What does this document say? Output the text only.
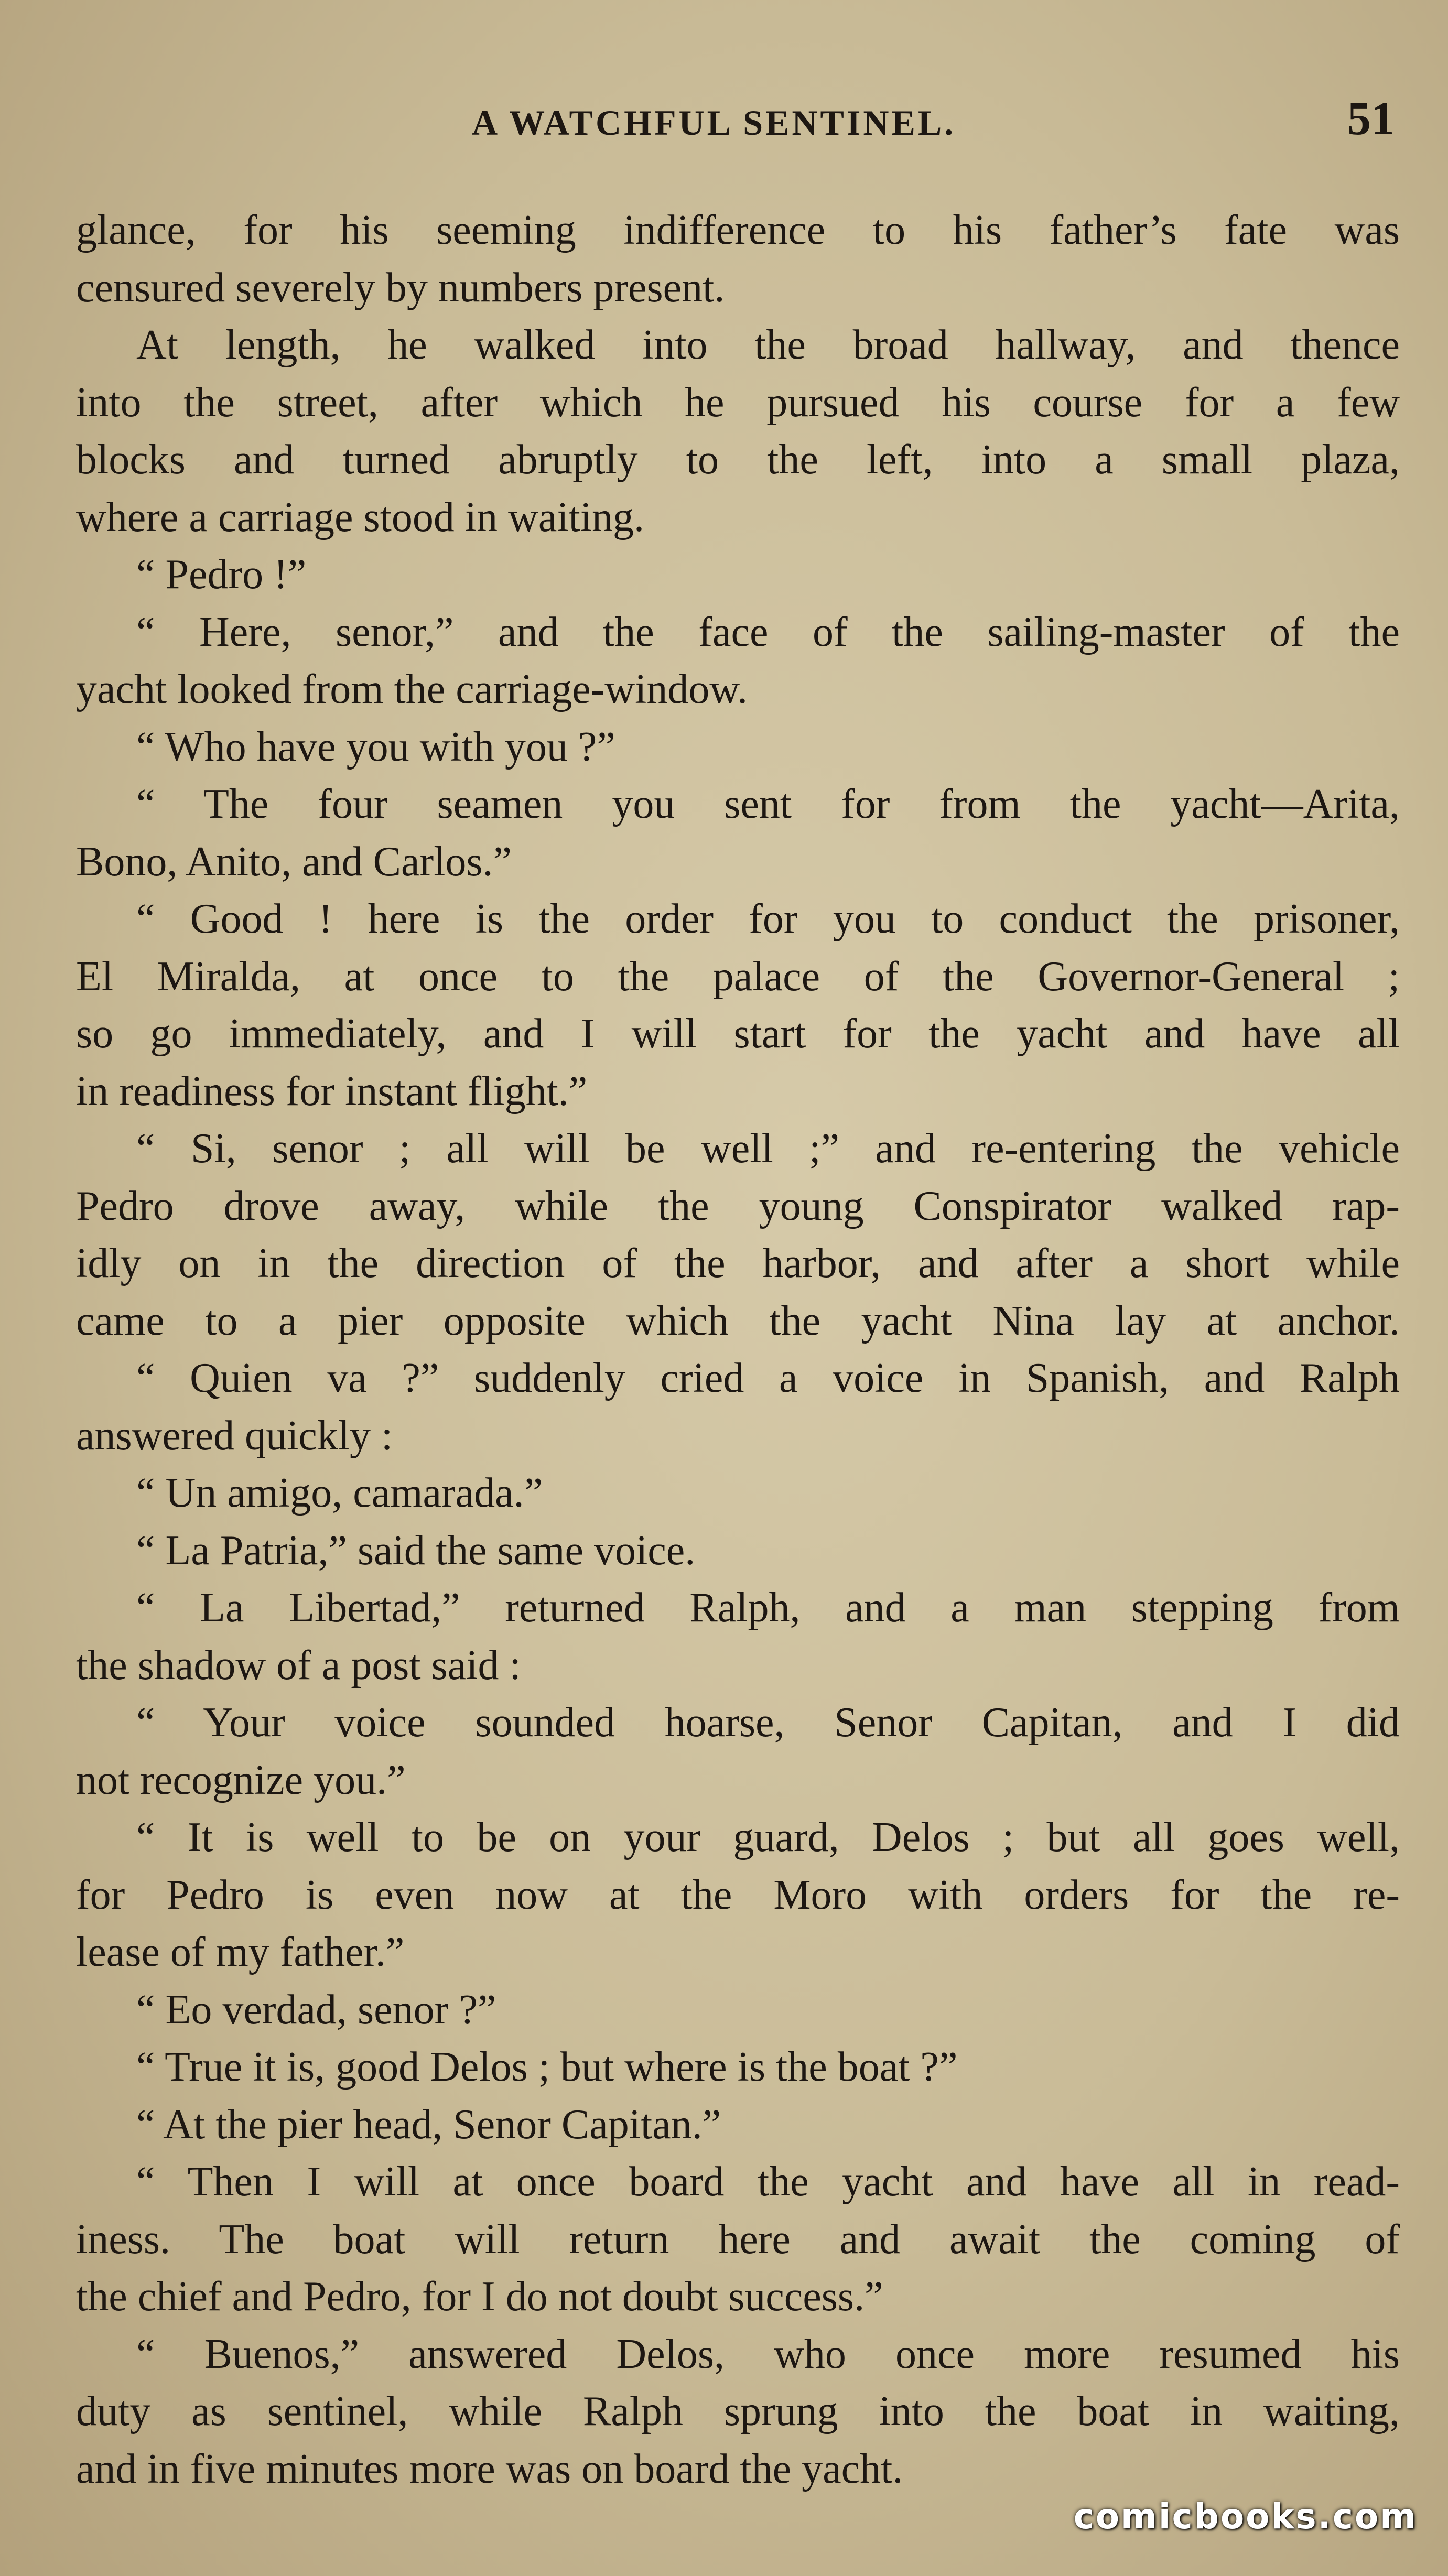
A WATCHFUL SENTINEL.	51
glance, for his seeming indifference to his father’s fate was
censured severely by numbers present.
At length, he walked into the broad hallway, and thence
into the street, after which he pursued his course for a few
blocks and turned abruptly to the left, into a small plaza,
where a carriage stood in waiting.
“ Pedro !”
“ Here, senor,” and the face of the sailing-master of the
yacht looked from the carriage-window.
“ Who have you with you ?”
“ The four seamen you sent for from the yacht—Arita,
Bono, Anito, and Carlos.”
“ Good ! here is the order for you to conduct the prisoner,
El Miralda, at once to the palace of the Governor-General ;
so go immediately, and I will start for the yacht and have all
in readiness for instant flight.”
“ Si, senor ; all will be well ;” and re-entering the vehicle
Pedro drove away, while the young Conspirator walked rap-
idly on in the direction of the harbor, and after a short while
came to a pier opposite which the yacht Nina lay at anchor.
“ Quien va ?” suddenly cried a voice in Spanish, and Ralph
answered quickly :
“ Un amigo, camarada.”
“ La Patria,” said the same voice.
“ La Libertad,” returned Ralph, and a man stepping from
the shadow of a post said :
“ Your voice sounded hoarse, Senor Capitan, and I did
not recognize you.”
“ It is well to be on your guard, Delos ; but all goes well,
for Pedro is even now at the Moro with orders for the re-
lease of my father.”
“ Eo verdad, senor ?”
“ True it is, good Delos ; but where is the boat ?”
“ At the pier head, Senor Capitan.”
“ Then I will at once board the yacht and have all in read-
iness. The boat will return here and await the coming of
the chief and Pedro, for I do not doubt success.”
“ Buenos,” answered Delos, who once more resumed his
duty as sentinel, while Ralph sprung into the boat in waiting,
and in five minutes more was on board the yacht.
comicbooks.com
